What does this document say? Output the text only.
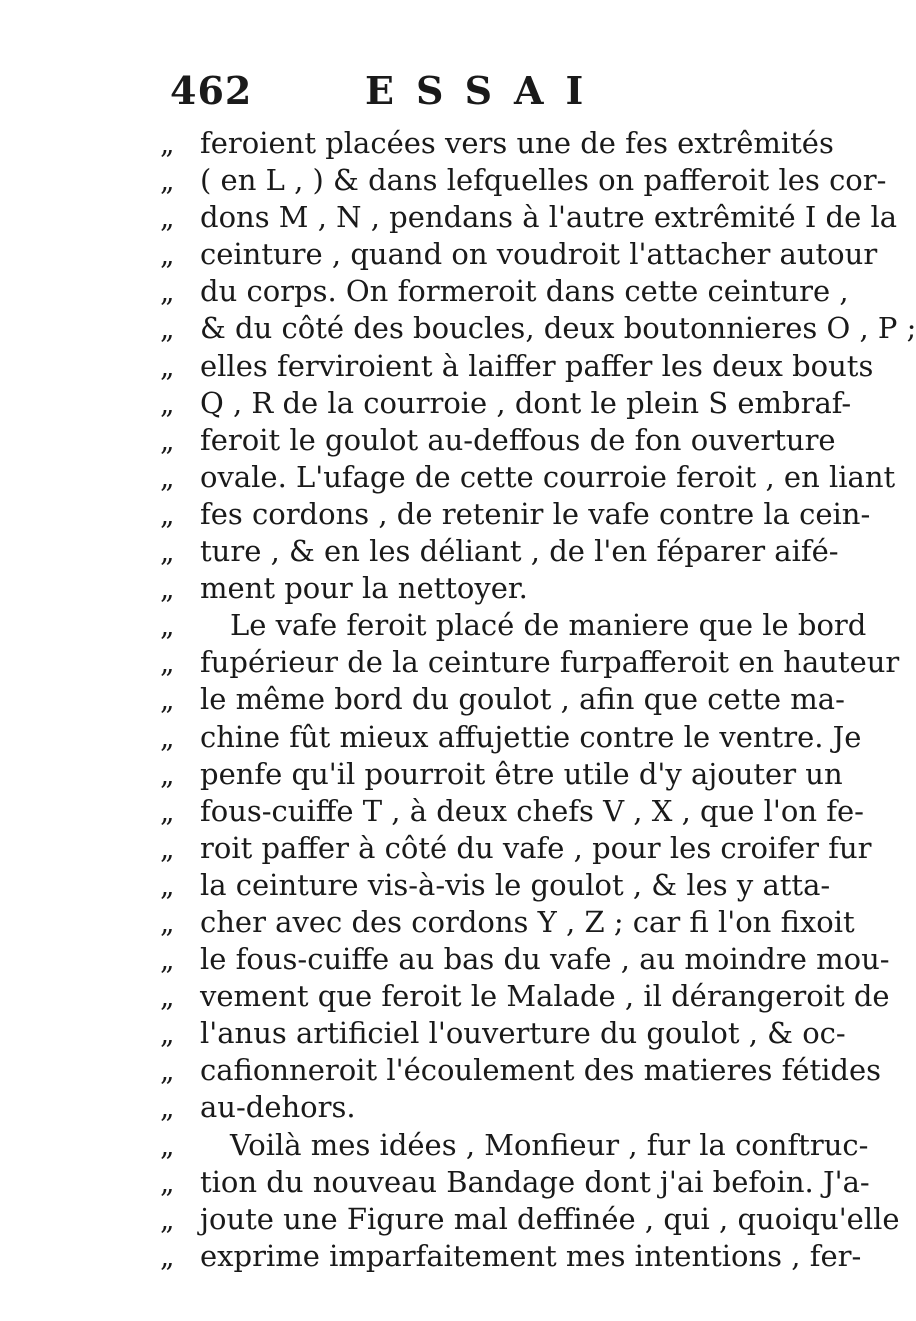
462	ESSAI
„ feroient placées vers une de fes extrêmités
„ ( en L , ) & dans lefquelles on pafferoit les cor-
„ dons M , N , pendans à l'autre extrêmité I de la
„ ceinture , quand on voudroit l'attacher autour
„ du corps. On formeroit dans cette ceinture ,
„ & du côté des boucles, deux boutonnieres O , P ;
„ elles ferviroient à laiffer paffer les deux bouts
„ Q , R de la courroie , dont le plein S embraf-
„ feroit le goulot au-deffous de fon ouverture
„ ovale. L'ufage de cette courroie feroit , en liant
„ fes cordons , de retenir le vafe contre la cein-
„ ture , & en les déliant , de l'en féparer aifé-
„ ment pour la nettoyer.
„	Le vafe feroit placé de maniere que le bord
„ fupérieur de la ceinture furpafferoit en hauteur
„ le même bord du goulot , afin que cette ma-
„ chine fût mieux affujettie contre le ventre. Je
„ penfe qu'il pourroit être utile d'y ajouter un
„ fous-cuiffe T , à deux chefs V , X , que l'on fe-
„ roit paffer à côté du vafe , pour les croifer fur
„ la ceinture vis-à-vis le goulot , & les y atta-
„ cher avec des cordons Y , Z ; car fi l'on fixoit
„ le fous-cuiffe au bas du vafe , au moindre mou-
„ vement que feroit le Malade , il dérangeroit de
„ l'anus artificiel l'ouverture du goulot , & oc-
„ cafionneroit l'écoulement des matieres fétides
„ au-dehors.
„	Voilà mes idées , Monfieur , fur la conftruc-
„ tion du nouveau Bandage dont j'ai befoin. J'a-
„ joute une Figure mal deffinée , qui , quoiqu'elle
„ exprime imparfaitement mes intentions , fer-
